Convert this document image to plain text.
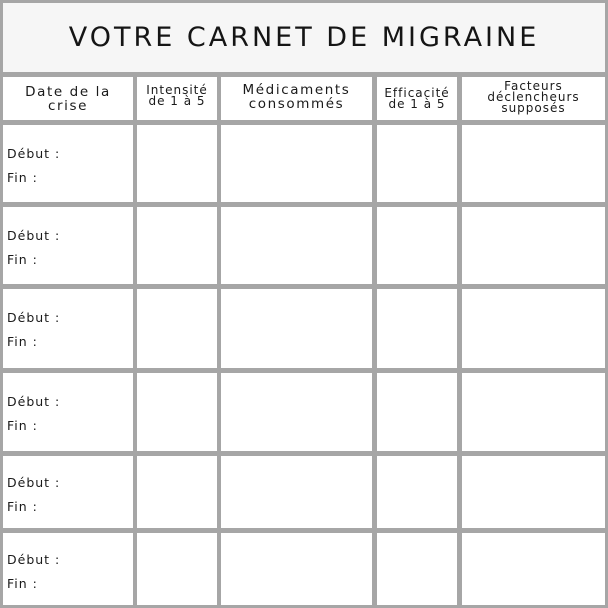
VOTRE CARNET DE MIGRAINE
Date de la
crise
Intensité
de 1 à 5
Médicaments
consommés
Efficacité
de 1 à 5
Facteurs
déclencheurs
supposés
Début :
Fin :
Début :
Fin :
Début :
Fin :
Début :
Fin :
Début :
Fin :
Début :
Fin :
